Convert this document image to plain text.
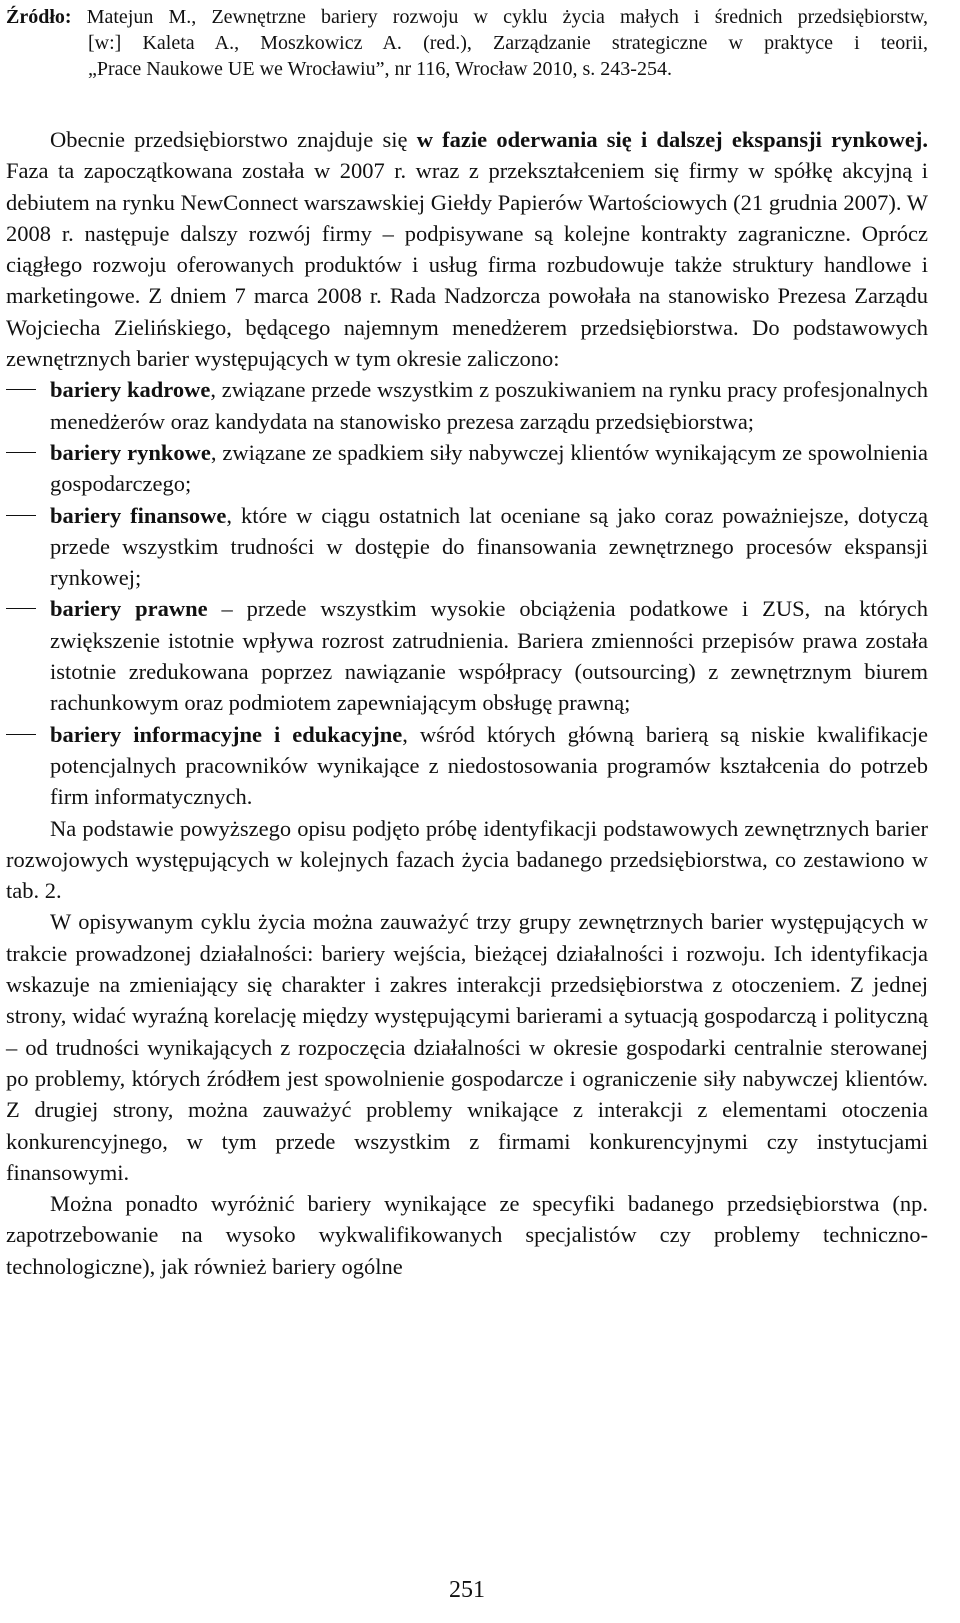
Źródło: Matejun M., Zewnętrzne bariery rozwoju w cyklu życia małych i średnich przedsiębiorstw,
[w:] Kaleta A., Moszkowicz A. (red.), Zarządzanie strategiczne w praktyce i teorii,
„Prace Naukowe UE we Wrocławiu”, nr 116, Wrocław 2010, s. 243-254.

Obecnie przedsiębiorstwo znajduje się w fazie oderwania się i dalszej ekspansji rynkowej. Faza ta zapoczątkowana została w 2007 r. wraz z przekształceniem się firmy w spółkę akcyjną i debiutem na rynku NewConnect warszawskiej Giełdy Papierów Wartościowych (21 grudnia 2007). W 2008 r. następuje dalszy rozwój firmy – podpisywane są kolejne kontrakty zagraniczne. Oprócz ciągłego rozwoju oferowanych produktów i usług firma rozbudowuje także struktury handlowe i marketingowe. Z dniem 7 marca 2008 r. Rada Nadzorcza powołała na stanowisko Prezesa Zarządu Wojciecha Zielińskiego, będącego najemnym menedżerem przedsiębiorstwa. Do podstawowych zewnętrznych barier występujących w tym okresie zaliczono:

bariery kadrowe, związane przede wszystkim z poszukiwaniem na rynku pracy profesjonalnych menedżerów oraz kandydata na stanowisko prezesa zarządu przedsiębiorstwa;
bariery rynkowe, związane ze spadkiem siły nabywczej klientów wynikającym ze spowolnienia gospodarczego;
bariery finansowe, które w ciągu ostatnich lat oceniane są jako coraz poważniejsze, dotyczą przede wszystkim trudności w dostępie do finansowania zewnętrznego procesów ekspansji rynkowej;
bariery prawne – przede wszystkim wysokie obciążenia podatkowe i ZUS, na których zwiększenie istotnie wpływa rozrost zatrudnienia. Bariera zmienności przepisów prawa została istotnie zredukowana poprzez nawiązanie współpracy (outsourcing) z zewnętrznym biurem rachunkowym oraz podmiotem zapewniającym obsługę prawną;
bariery informacyjne i edukacyjne, wśród których główną barierą są niskie kwalifikacje potencjalnych pracowników wynikające z niedostosowania programów kształcenia do potrzeb firm informatycznych.

Na podstawie powyższego opisu podjęto próbę identyfikacji podstawowych zewnętrznych barier rozwojowych występujących w kolejnych fazach życia badanego przedsiębiorstwa, co zestawiono w tab. 2.

W opisywanym cyklu życia można zauważyć trzy grupy zewnętrznych barier występujących w trakcie prowadzonej działalności: bariery wejścia, bieżącej działalności i rozwoju. Ich identyfikacja wskazuje na zmieniający się charakter i zakres interakcji przedsiębiorstwa z otoczeniem. Z jednej strony, widać wyraźną korelację między występującymi barierami a sytuacją gospodarczą i polityczną – od trudności wynikających z rozpoczęcia działalności w okresie gospodarki centralnie sterowanej po problemy, których źródłem jest spowolnienie gospodarcze i ograniczenie siły nabywczej klientów. Z drugiej strony, można zauważyć problemy wnikające z interakcji z elementami otoczenia konkurencyjnego, w tym przede wszystkim z firmami konkurencyjnymi czy instytucjami finansowymi.

Można ponadto wyróżnić bariery wynikające ze specyfiki badanego przedsiębiorstwa (np. zapotrzebowanie na wysoko wykwalifikowanych specjalistów czy problemy techniczno-technologiczne), jak również bariery ogólne

251
